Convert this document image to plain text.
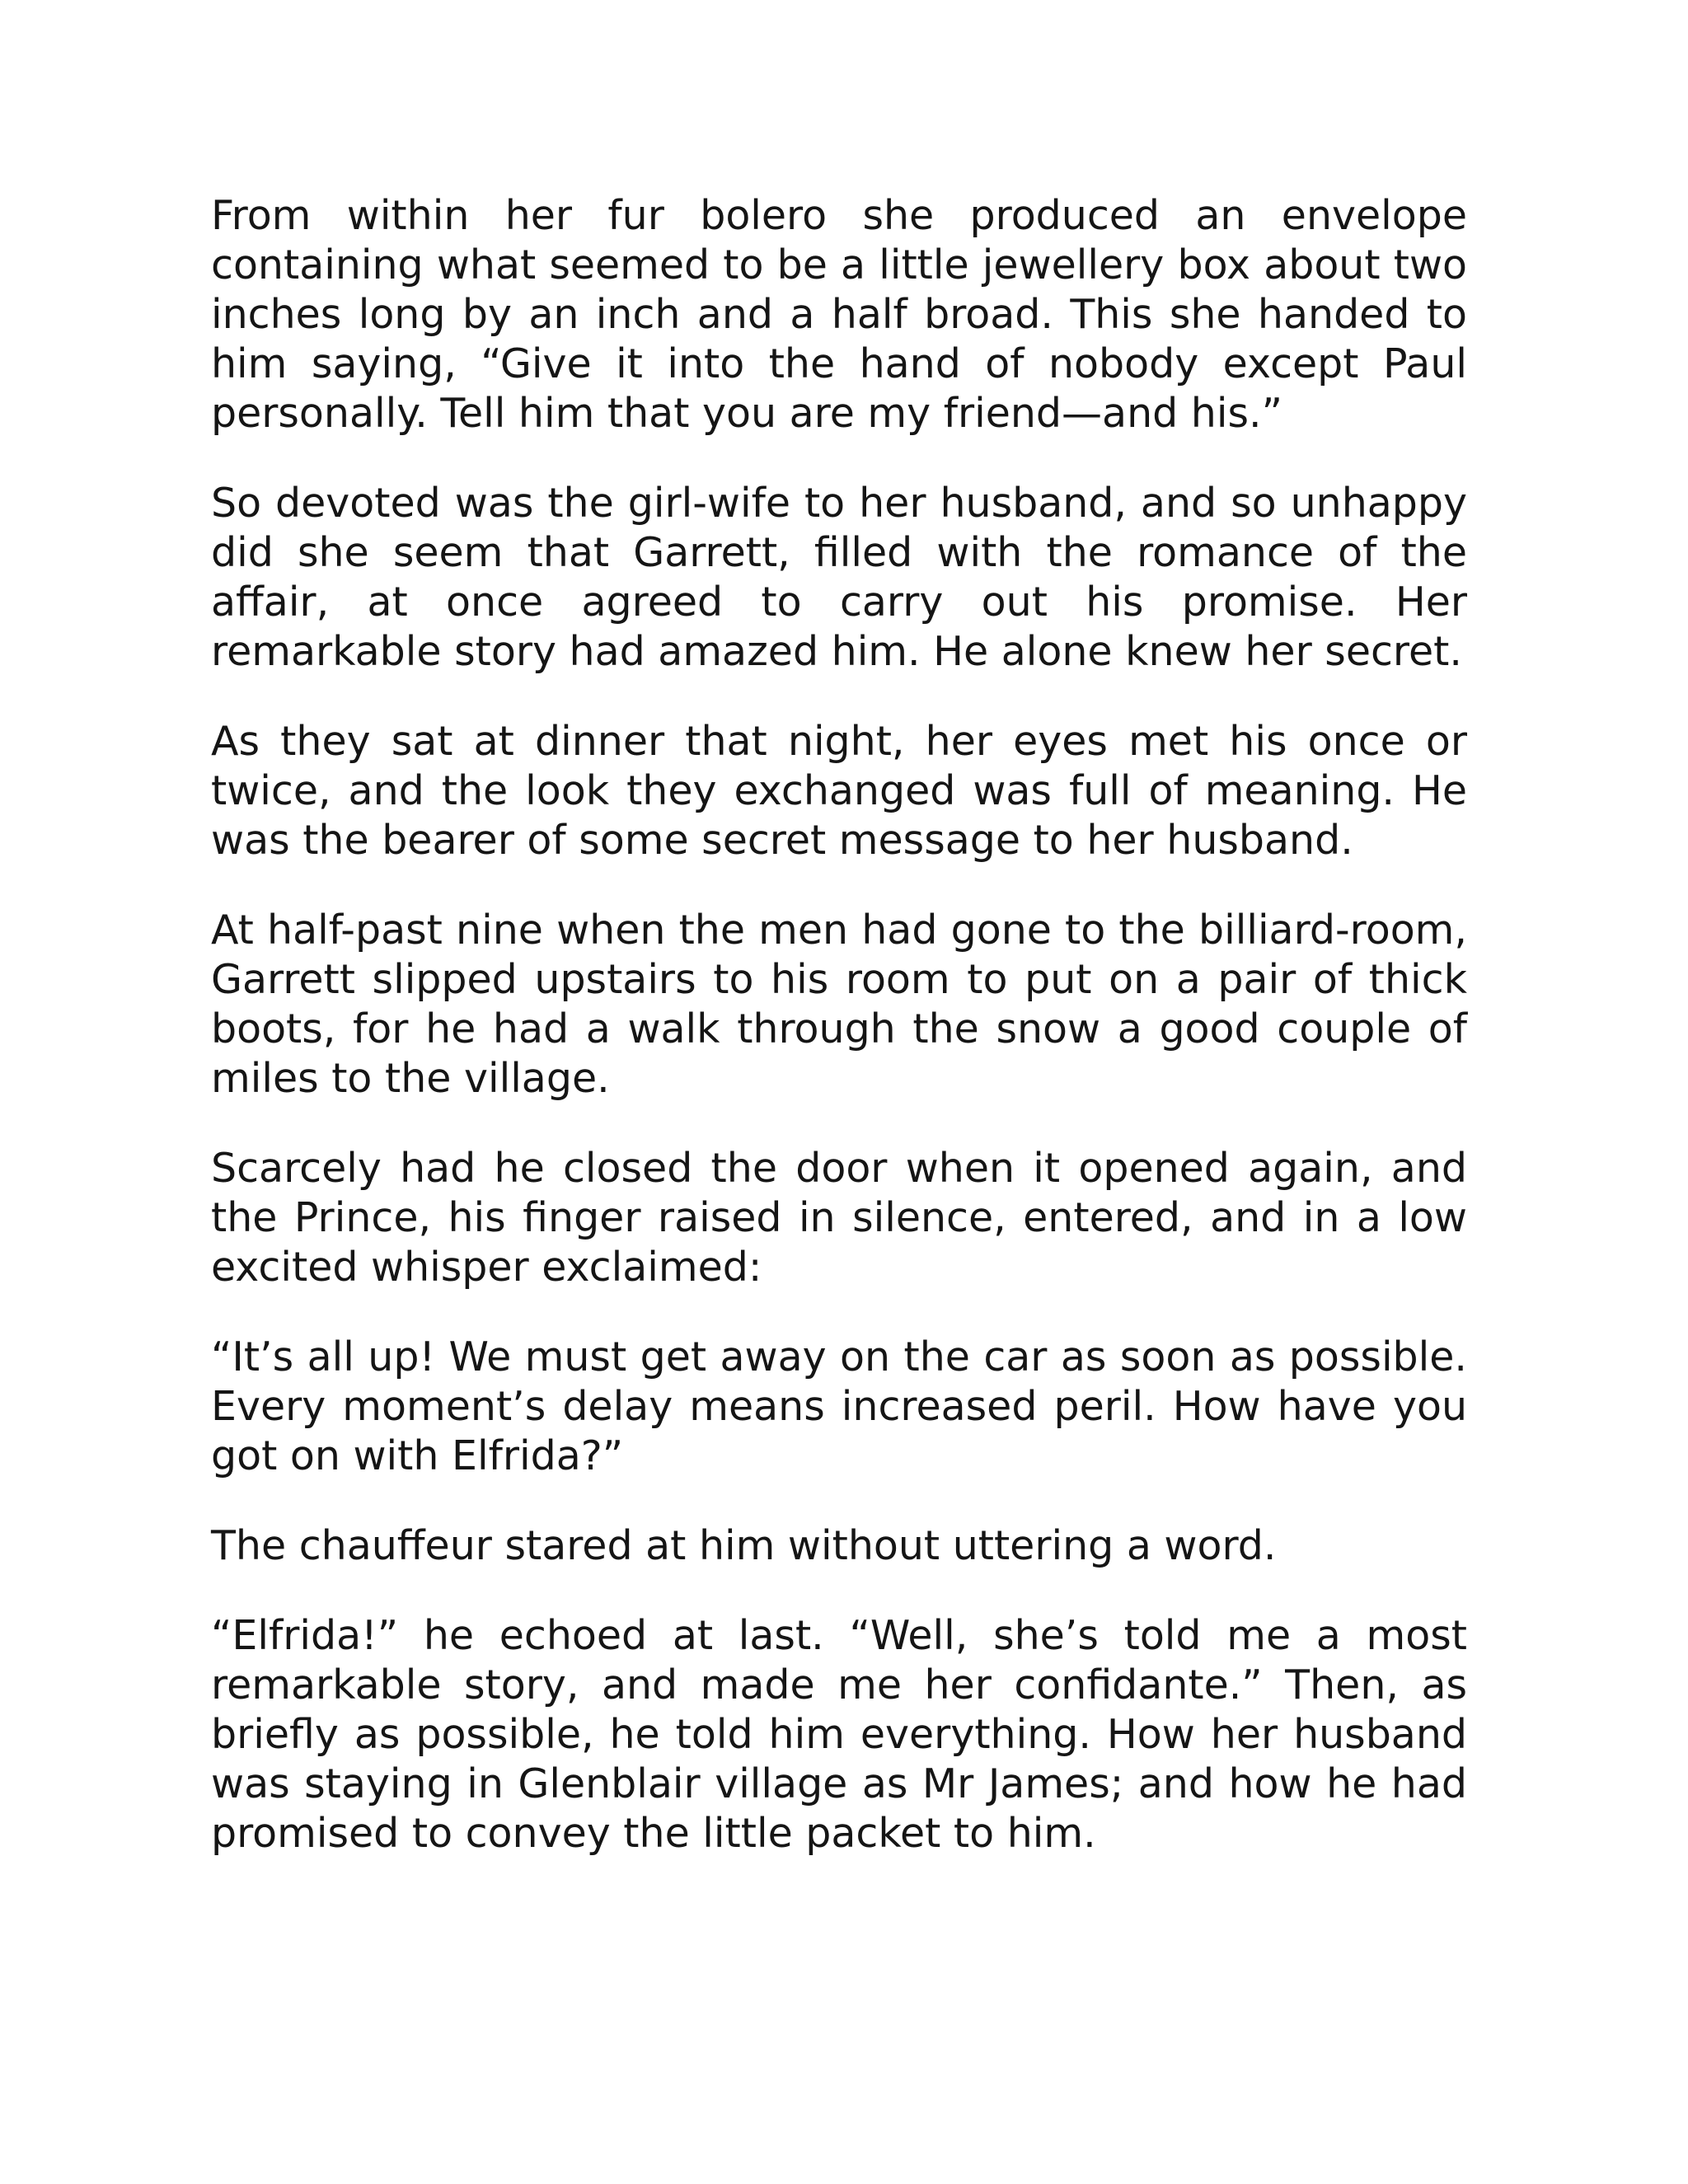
From within her fur bolero she produced an envelope containing what seemed to be a little jewellery box about two inches long by an inch and a half broad. This she handed to him saying, “Give it into the hand of nobody except Paul personally. Tell him that you are my friend—and his.”

So devoted was the girl-wife to her husband, and so unhappy did she seem that Garrett, filled with the romance of the affair, at once agreed to carry out his promise. Her remarkable story had amazed him. He alone knew her secret.

As they sat at dinner that night, her eyes met his once or twice, and the look they exchanged was full of meaning. He was the bearer of some secret message to her husband.

At half-past nine when the men had gone to the billiard-room, Garrett slipped upstairs to his room to put on a pair of thick boots, for he had a walk through the snow a good couple of miles to the village.

Scarcely had he closed the door when it opened again, and the Prince, his finger raised in silence, entered, and in a low excited whisper exclaimed:

“It’s all up! We must get away on the car as soon as possible. Every moment’s delay means increased peril. How have you got on with Elfrida?”

The chauffeur stared at him without uttering a word.

“Elfrida!” he echoed at last. “Well, she’s told me a most remarkable story, and made me her confidante.” Then, as briefly as possible, he told him everything. How her husband was staying in Glenblair village as Mr James; and how he had promised to convey the little packet to him.
